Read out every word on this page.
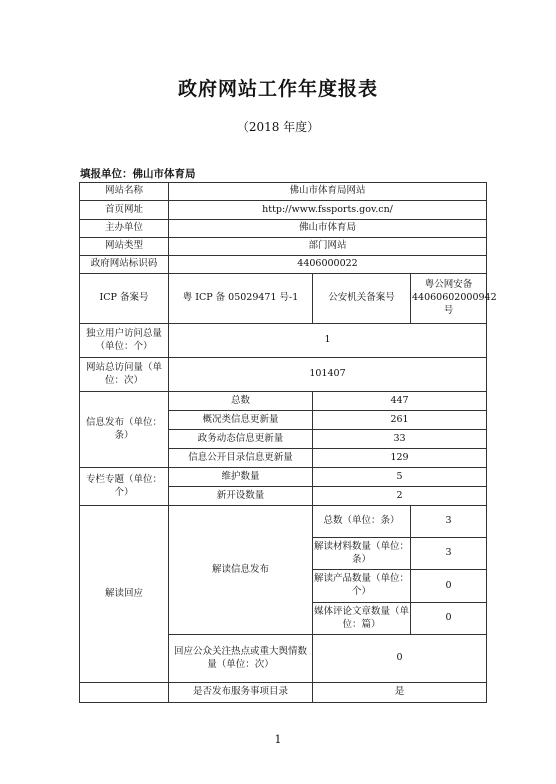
政府网站工作年度报表
（2018 年度）
填报单位：佛山市体育局
网站名称	佛山市体育局网站		
首页网址	http://www.fssports.gov.cn/		
主办单位	佛山市体育局		
网站类型	部门网站		
政府网站标识码	4406000022		
ICP 备案号	粤 ICP 备 05029471 号-1	公安机关备案号	粤公网安备 44060602000942 号
独立用户访问总量（单位：个）	1		
网站总访问量（单位：次）	101407		
信息发布（单位：条）	总数	447	
	概况类信息更新量	261	
	政务动态信息更新量	33	
	信息公开目录信息更新量	129	
专栏专题（单位：个）	维护数量	5	
	新开设数量	2	
解读回应	解读信息发布	总数（单位：条）	3
		解读材料数量（单位：条）	3
		解读产品数量（单位：个）	0
		媒体评论文章数量（单位：篇）	0
	回应公众关注热点或重大舆情数量（单位：次）	0	
	是否发布服务事项目录	是	
1
